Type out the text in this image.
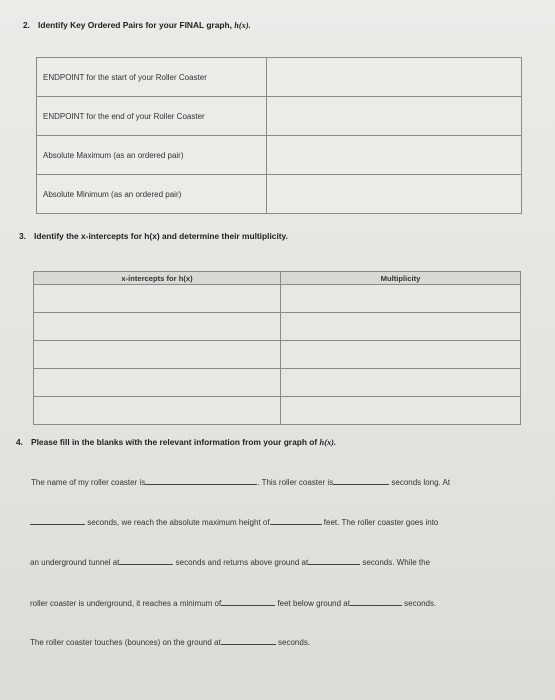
2. Identify Key Ordered Pairs for your FINAL graph, h(x).
ENDPOINT for the start of your Roller Coaster	
ENDPOINT for the end of your Roller Coaster	
Absolute Maximum (as an ordered pair)	
Absolute Minimum (as an ordered pair)	
3. Identify the x-intercepts for h(x) and determine their multiplicity.
x-intercepts for h(x)	Multiplicity

4. Please fill in the blanks with the relevant information from your graph of h(x).
The name of my roller coaster is	. This roller coaster is	seconds long. At
seconds, we reach the absolute maximum height of	feet. The roller coaster goes into
an underground tunnel at	seconds and returns above ground at	seconds. While the
roller coaster is underground, it reaches a minimum of	feet below ground at	seconds.
The roller coaster touches (bounces) on the ground at	seconds.
